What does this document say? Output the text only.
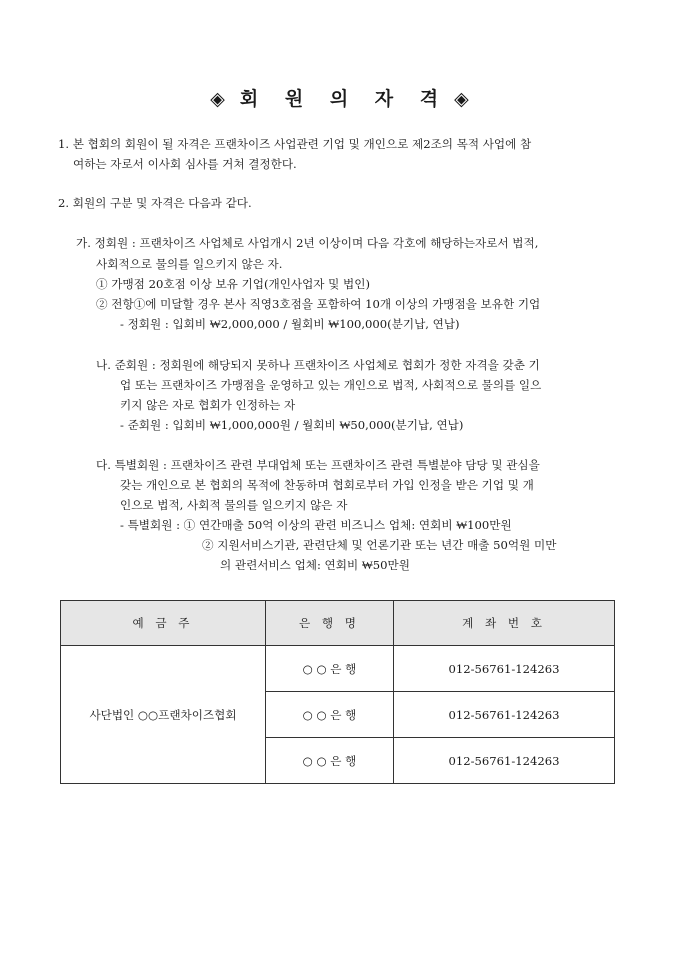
◈ 회 원 의 자 격 ◈
1. 본 협회의 회원이 될 자격은 프랜차이즈 사업관련 기업 및 개인으로 제2조의 목적 사업에 참
여하는 자로서 이사회 심사를 거쳐 결정한다.
2. 회원의 구분 및 자격은 다음과 같다.
가. 정회원 : 프랜차이즈 사업체로 사업개시 2년 이상이며 다음 각호에 해당하는자로서 법적,
사회적으로 물의를 일으키지 않은 자.
① 가맹점 20호점 이상 보유 기업(개인사업자 및 법인)
② 전항①에 미달할 경우 본사 직영3호점을 포함하여 10개 이상의 가맹점을 보유한 기업
- 정회원 : 입회비 ₩2,000,000 / 월회비 ₩100,000(분기납, 연납)
나. 준회원 : 정회원에 해당되지 못하나 프랜차이즈 사업체로 협회가 정한 자격을 갖춘 기
업 또는 프랜차이즈 가맹점을 운영하고 있는 개인으로 법적, 사회적으로 물의를 일으
키지 않은 자로 협회가 인정하는 자
- 준회원 : 입회비 ₩1,000,000원 / 월회비 ₩50,000(분기납, 연납)
다. 특별회원 : 프랜차이즈 관련 부대업체 또는 프랜차이즈 관련 특별분야 담당 및 관심을
갖는 개인으로 본 협회의 목적에 찬동하며 협회로부터 가입 인정을 받은 기업 및 개
인으로 법적, 사회적 물의를 일으키지 않은 자
- 특별회원 : ① 연간매출 50억 이상의 관련 비즈니스 업체: 연회비 ₩100만원
② 지원서비스기관, 관련단체 및 언론기관 또는 년간 매출 50억원 미만
의 관련서비스 업체: 연회비 ₩50만원
예 금 주	은 행 명	계 좌 번 호
사단법인 ○○프랜차이즈협회	○ ○ 은 행	012-56761-124263
	○ ○ 은 행	012-56761-124263
	○ ○ 은 행	012-56761-124263
